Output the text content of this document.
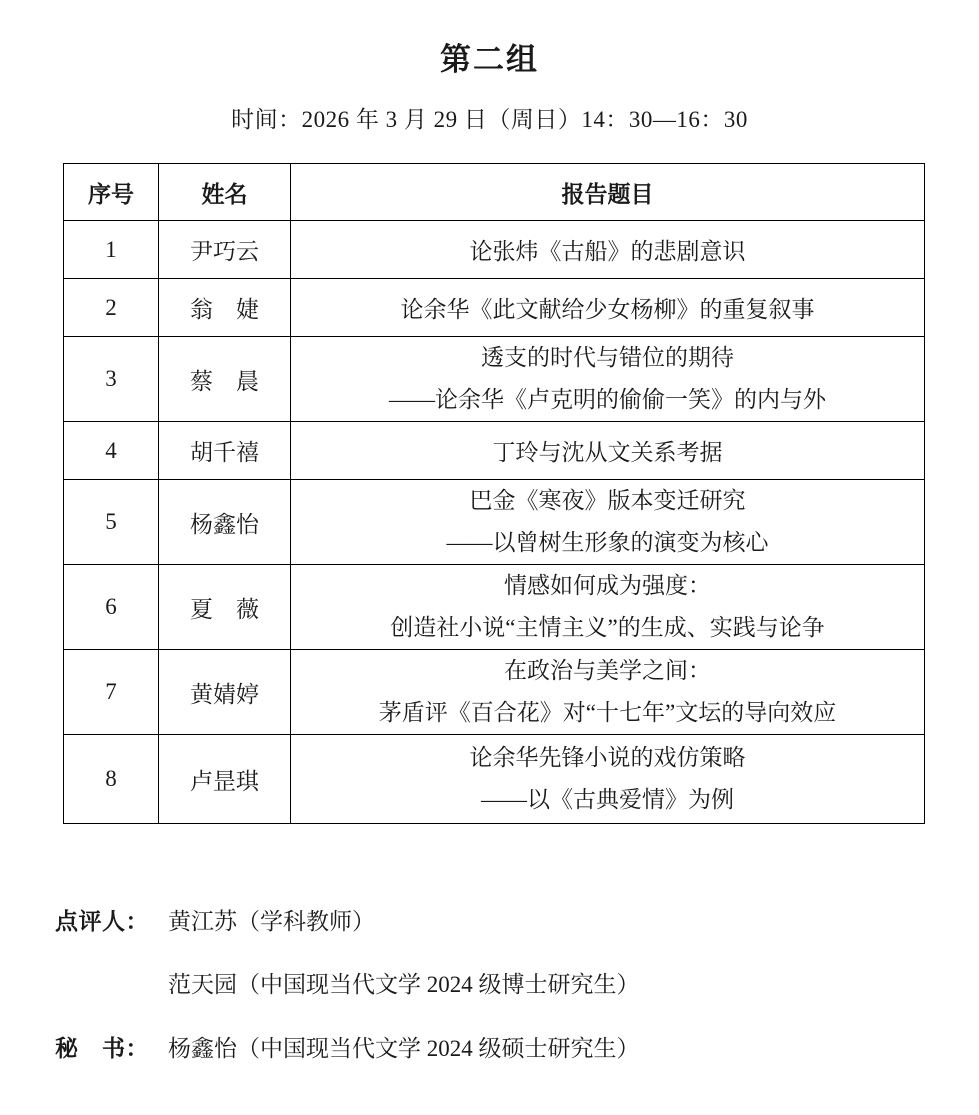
第二组
时间：2026 年 3 月 29 日（周日）14：30—16：30
序号	姓名	报告题目
1	尹巧云	论张炜《古船》的悲剧意识

2	翁　婕	论余华《此文献给少女杨柳》的重复叙事

3	蔡　晨	透支的时代与错位的期待
——论余华《卢克明的偷偷一笑》的内与外

4	胡千禧	丁玲与沈从文关系考据

5	杨鑫怡	巴金《寒夜》版本变迁研究
——以曾树生形象的演变为核心

6	夏　薇	情感如何成为强度：
创造社小说“主情主义”的生成、实践与论争

7	黄婧婷	在政治与美学之间：
茅盾评《百合花》对“十七年”文坛的导向效应

8	卢昰琪	论余华先锋小说的戏仿策略
——以《古典爱情》为例
点评人： 黄江苏（学科教师）
范天园（中国现当代文学 2024 级博士研究生）
秘　书： 杨鑫怡（中国现当代文学 2024 级硕士研究生）
